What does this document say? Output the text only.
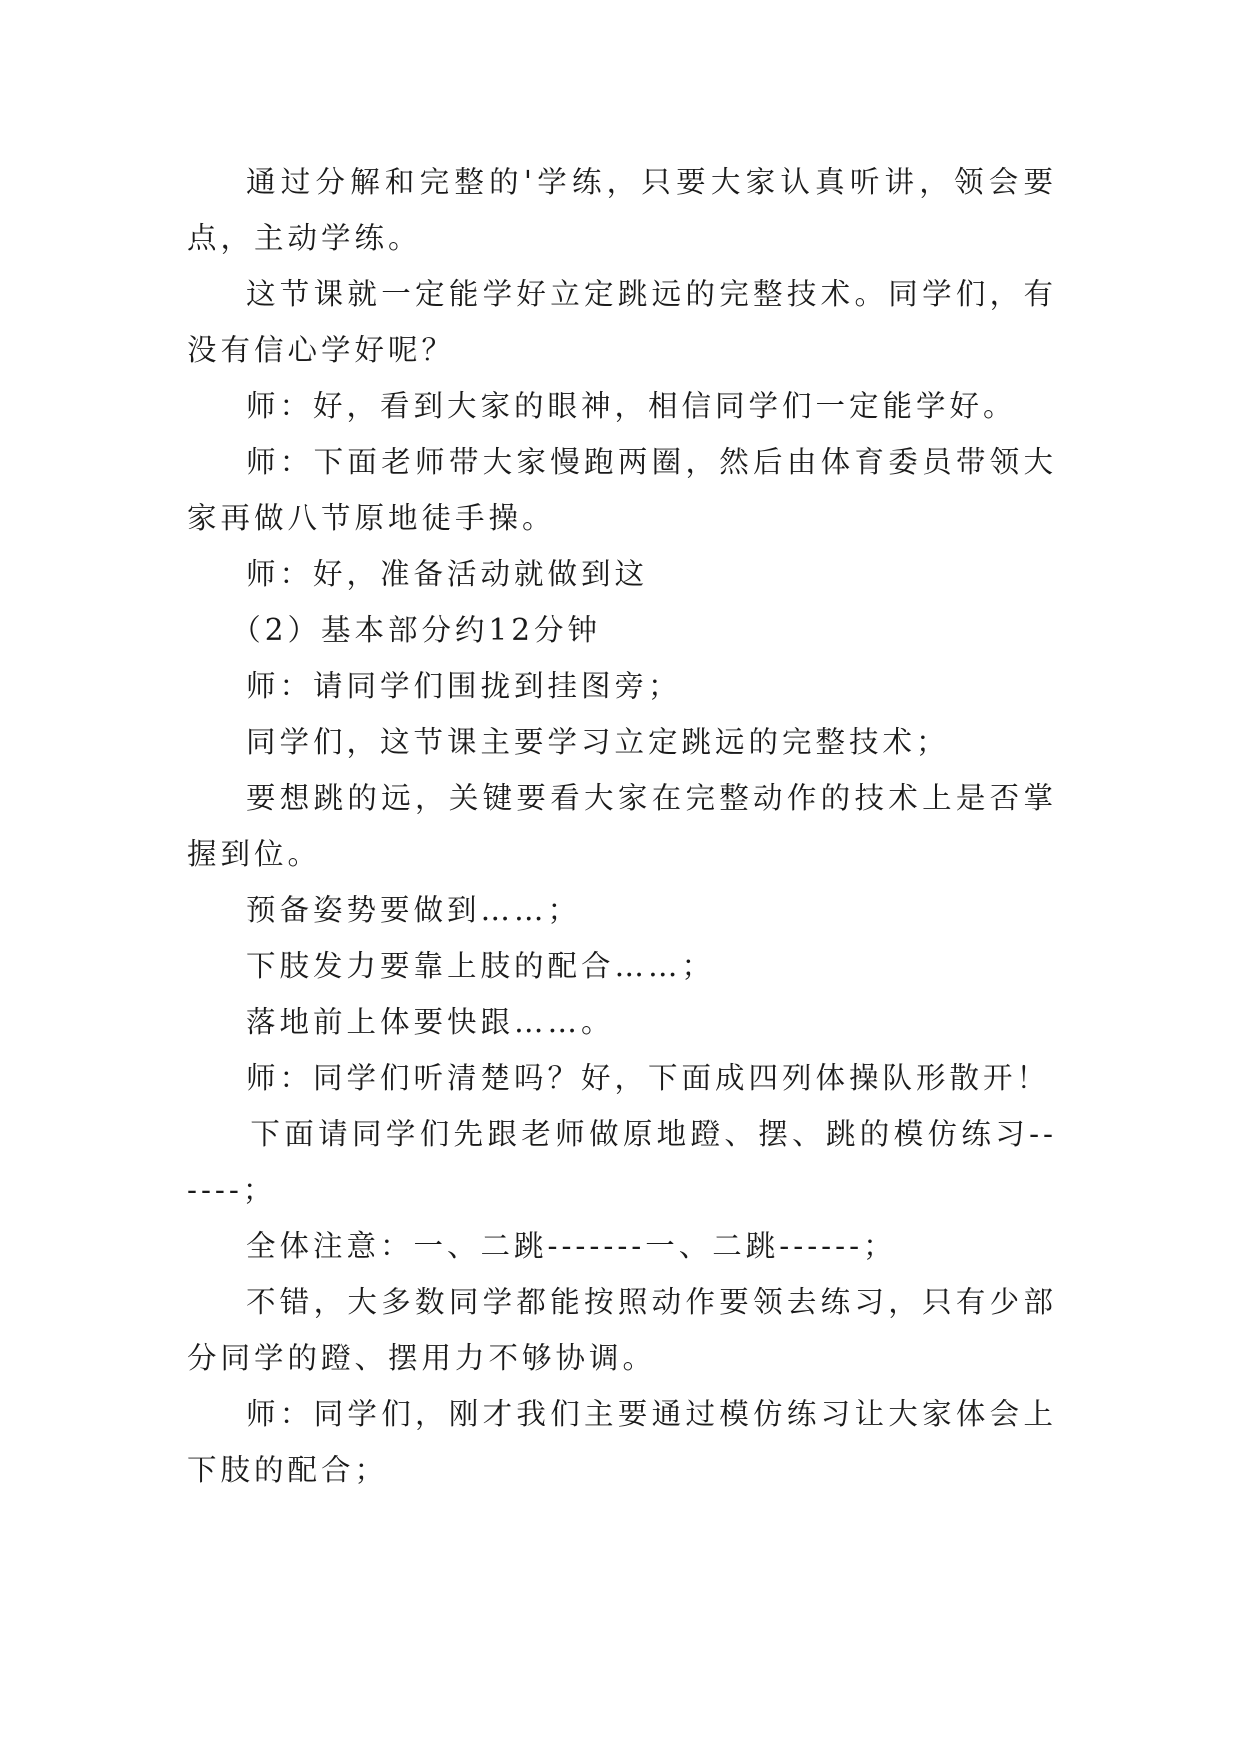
通过分解和完整的'学练，只要大家认真听讲，领会要点，主动学练。

这节课就一定能学好立定跳远的完整技术。同学们，有没有信心学好呢？

师：好，看到大家的眼神，相信同学们一定能学好。

师：下面老师带大家慢跑两圈，然后由体育委员带领大家再做八节原地徒手操。

师：好，准备活动就做到这

（2）基本部分约12分钟

师：请同学们围拢到挂图旁；

同学们，这节课主要学习立定跳远的完整技术；

要想跳的远，关键要看大家在完整动作的技术上是否掌握到位。

预备姿势要做到……；

下肢发力要靠上肢的配合……；

落地前上体要快跟……。

师：同学们听清楚吗？好，下面成四列体操队形散开！

下面请同学们先跟老师做原地蹬、摆、跳的模仿练习------；

全体注意：一、二跳-------一、二跳------；

不错，大多数同学都能按照动作要领去练习，只有少部分同学的蹬、摆用力不够协调。

师：同学们，刚才我们主要通过模仿练习让大家体会上下肢的配合；
